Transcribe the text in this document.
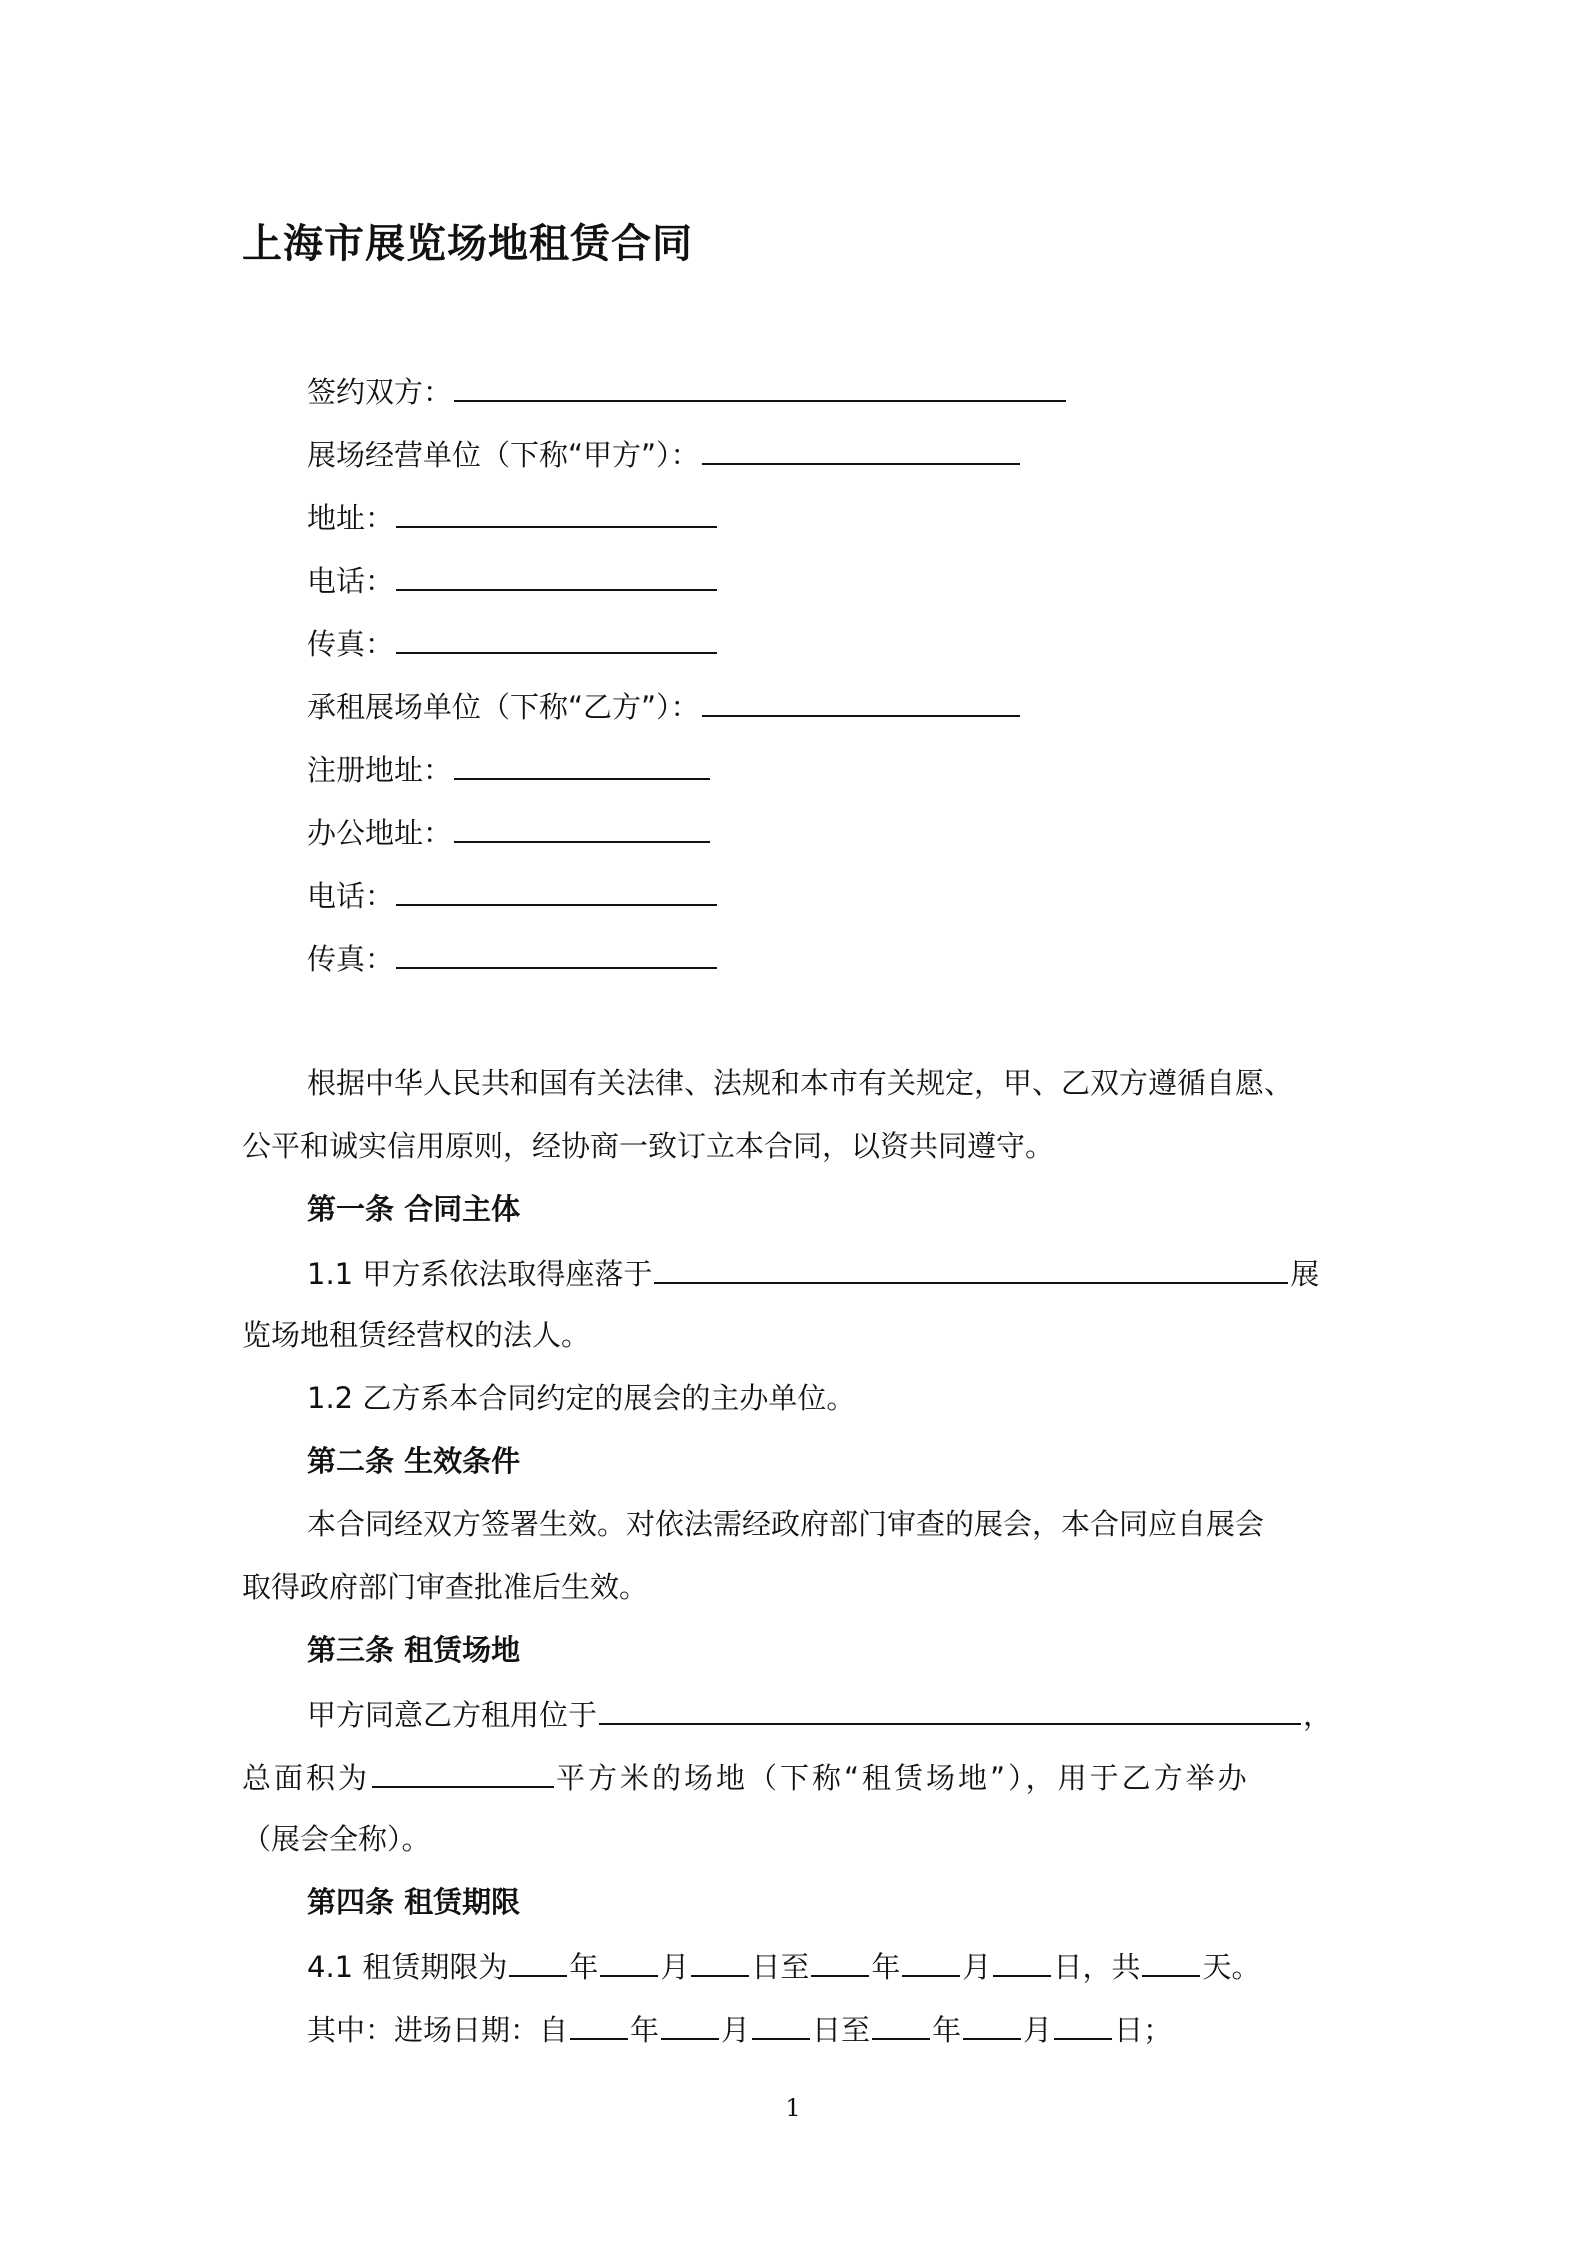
上海市展览场地租赁合同
签约双方：
展场经营单位（下称“甲方”）：
地址：
电话：
传真：
承租展场单位（下称“乙方”）：
注册地址：
办公地址：
电话：
传真：
根据中华人民共和国有关法律、法规和本市有关规定，甲、乙双方遵循自愿、
公平和诚实信用原则，经协商一致订立本合同，以资共同遵守。
第一条 合同主体
1.1 甲方系依法取得座落于	展
览场地租赁经营权的法人。
1.2 乙方系本合同约定的展会的主办单位。
第二条 生效条件
本合同经双方签署生效。对依法需经政府部门审查的展会，本合同应自展会
取得政府部门审查批准后生效。
第三条 租赁场地
甲方同意乙方租用位于	，
总面积为	平方米的场地（下称“租赁场地”），用于乙方举办
（展会全称）。
第四条 租赁期限
4.1 租赁期限为 年 月 日至 年 月 日，共 天。
其中：进场日期：自 年 月 日至 年 月 日；
1
